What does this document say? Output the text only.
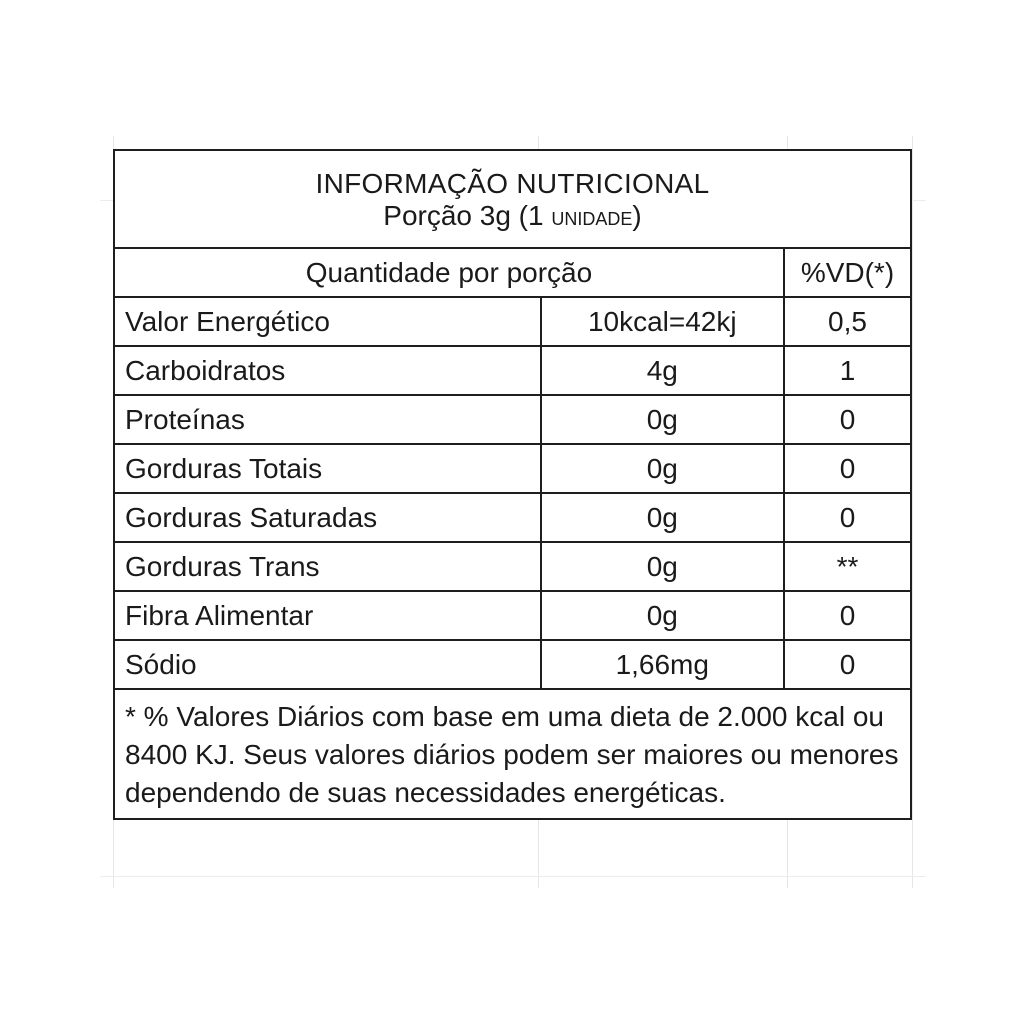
INFORMAÇÃO NUTRICIONAL
Porção 3g (1 unidade)		

Quantidade por porção		%VD(*)
Valor Energético	10kcal=42kj	0,5
Carboidratos	4g	1
Proteínas	0g	0
Gorduras Totais	0g	0
Gorduras Saturadas	0g	0
Gorduras Trans	0g	**
Fibra Alimentar	0g	0
Sódio	1,66mg	0
* % Valores Diários com base em uma dieta de 2.000 kcal ou 8400 KJ. Seus valores diários podem ser maiores ou menores dependendo de suas necessidades energéticas.		
